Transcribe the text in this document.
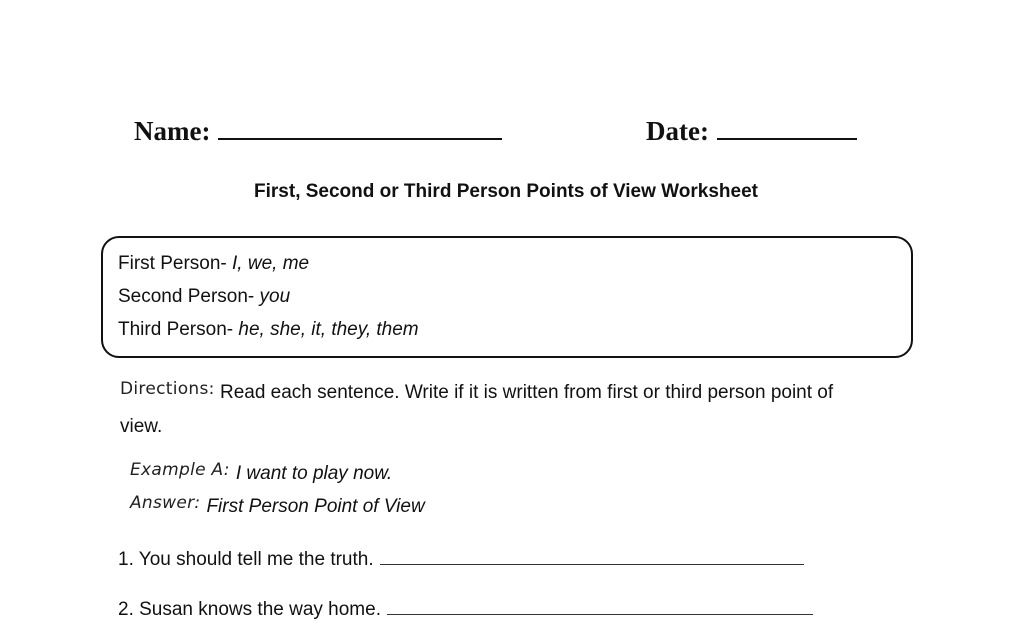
Name:	Date:
First, Second or Third Person Points of View Worksheet
First Person- I, we, me
Second Person- you
Third Person- he, she, it, they, them
Directions: Read each sentence. Write if it is written from first or third person point of view.
Example A: I want to play now.
Answer: First Person Point of View
1. You should tell me the truth.
2. Susan knows the way home.
